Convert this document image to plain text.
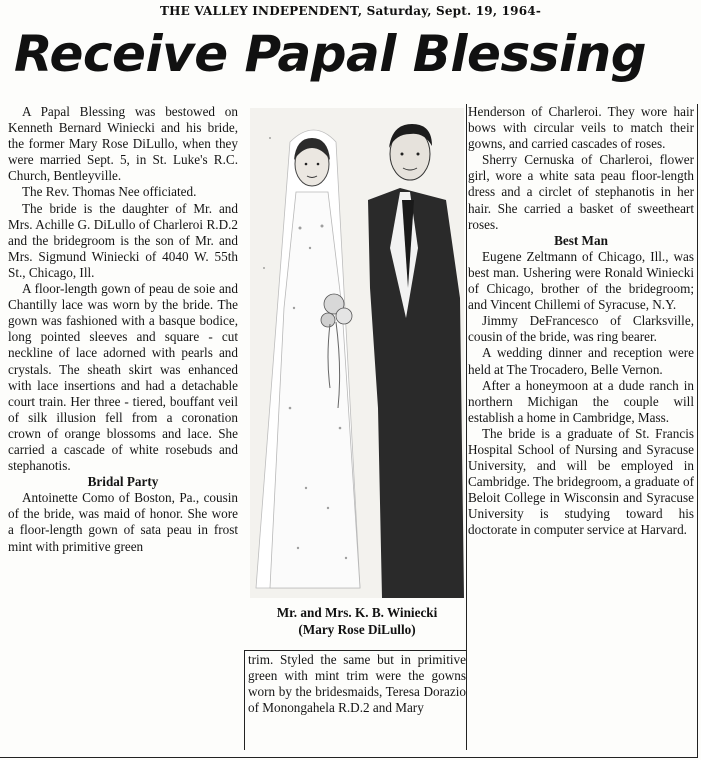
THE VALLEY INDEPENDENT, Saturday, Sept. 19, 1964-
Receive Papal Blessing

A Papal Blessing was bestowed on Kenneth Bernard Winiecki and his bride, the former Mary Rose DiLullo, when they were married Sept. 5, in St. Luke's R.C. Church, Bentleyville.

The Rev. Thomas Nee officiated.

The bride is the daughter of Mr. and Mrs. Achille G. DiLullo of Charleroi R.D.2 and the bridegroom is the son of Mr. and Mrs. Sigmund Winiecki of 4040 W. 55th St., Chicago, Ill.

A floor-length gown of peau de soie and Chantilly lace was worn by the bride. The gown was fashioned with a basque bodice, long pointed sleeves and square - cut neckline of lace adorned with pearls and crystals. The sheath skirt was enhanced with lace insertions and had a detachable court train. Her three - tiered, bouffant veil of silk illusion fell from a coronation crown of orange blossoms and lace. She carried a cascade of white rosebuds and stephanotis.

Bridal Party

Antoinette Como of Boston, Pa., cousin of the bride, was maid of honor. She wore a floor-length gown of sata peau in frost mint with primitive green

Mr. and Mrs. K. B. Winiecki
(Mary Rose DiLullo)

trim. Styled the same but in primitive green with mint trim were the gowns worn by the bridesmaids, Teresa Dorazio of Monongahela R.D.2 and Mary

Henderson of Charleroi. They wore hair bows with circular veils to match their gowns, and carried cascades of roses.

Sherry Cernuska of Charleroi, flower girl, wore a white sata peau floor-length dress and a circlet of stephanotis in her hair. She carried a basket of sweetheart roses.

Best Man

Eugene Zeltmann of Chicago, Ill., was best man. Ushering were Ronald Winiecki of Chicago, brother of the bridegroom; and Vincent Chillemi of Syracuse, N.Y.

Jimmy DeFrancesco of Clarksville, cousin of the bride, was ring bearer.

A wedding dinner and reception were held at The Trocadero, Belle Vernon.

After a honeymoon at a dude ranch in northern Michigan the couple will establish a home in Cambridge, Mass.

The bride is a graduate of St. Francis Hospital School of Nursing and Syracuse University, and will be employed in Cambridge. The bridegroom, a graduate of Beloit College in Wisconsin and Syracuse University is studying toward his doctorate in computer service at Harvard.
